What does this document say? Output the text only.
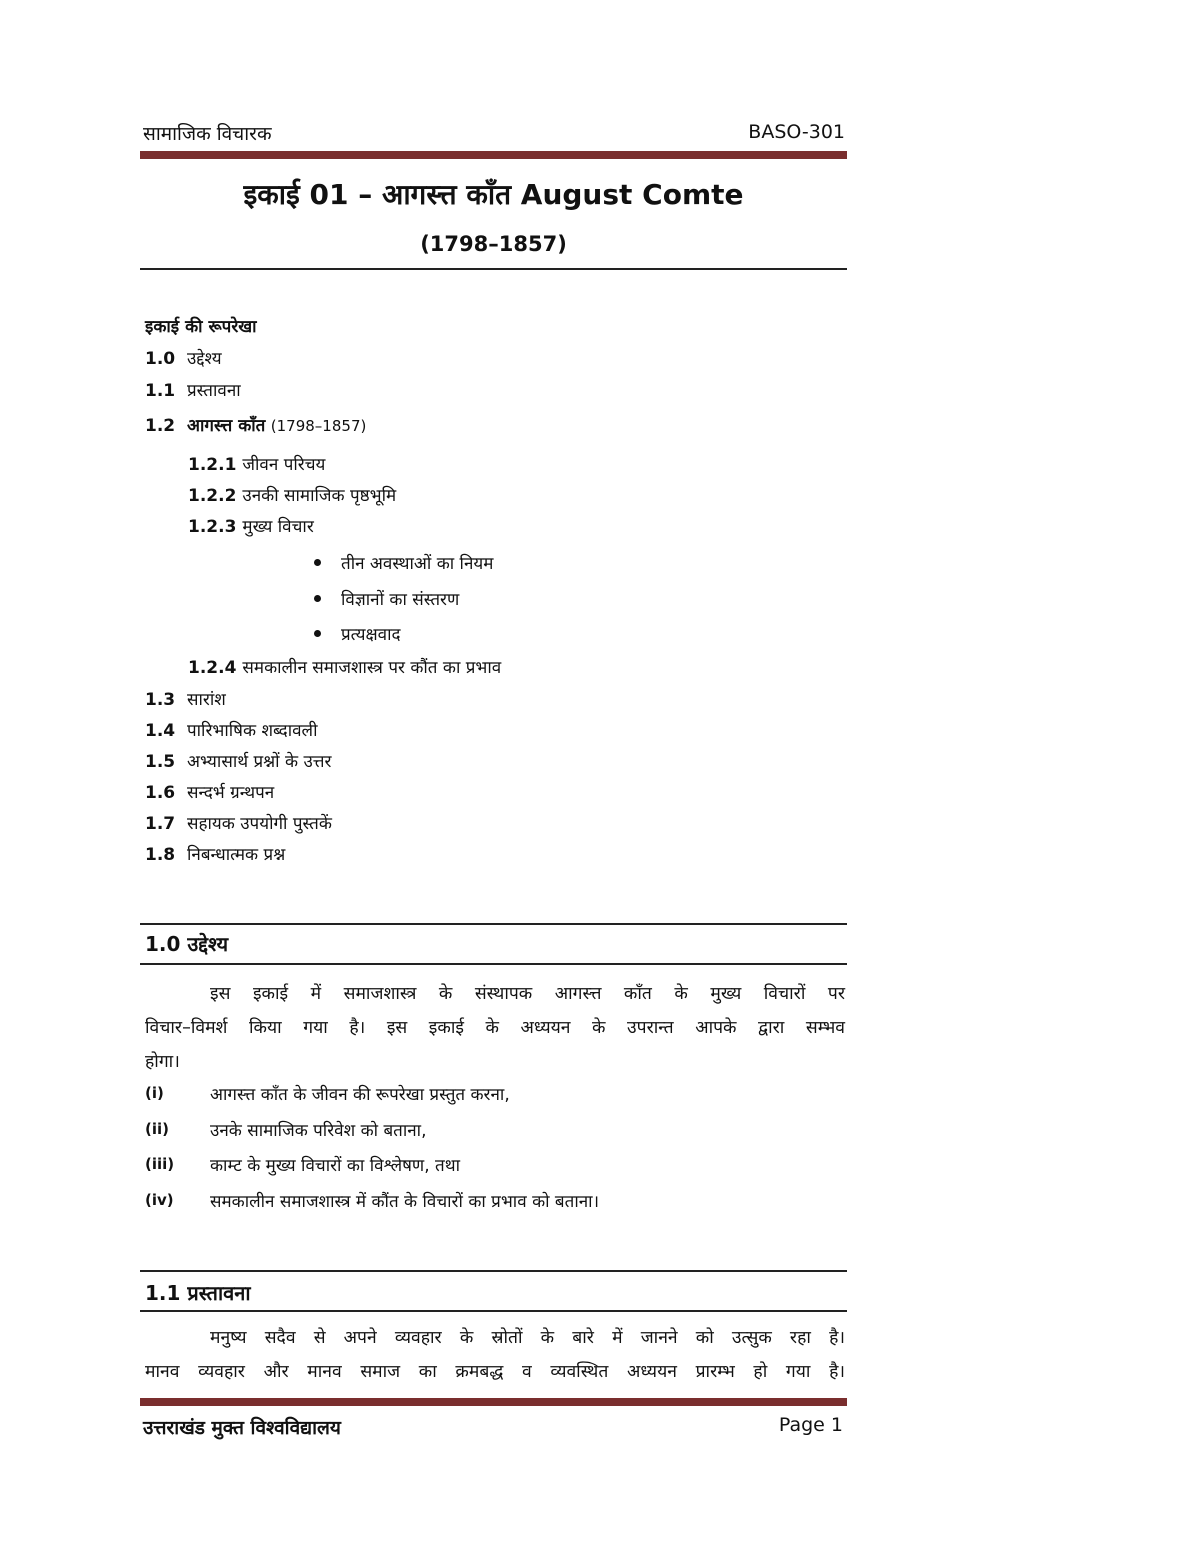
सामाजिक विचारक	BASO-301
इकाई 01 – आगस्त्त कॉंत August Comte
(1798–1857)
इकाई की रूपरेखा
1.0 उद्देश्य
1.1 प्रस्तावना
1.2 आगस्त्त कॉंत (1798–1857)
1.2.1 जीवन परिचय
1.2.2 उनकी सामाजिक पृष्ठभूमि
1.2.3 मुख्य विचार
तीन अवस्थाओं का नियम
विज्ञानों का संस्तरण
प्रत्यक्षवाद
1.2.4 समकालीन समाजशास्त्र पर कौंत का प्रभाव
1.3 सारांश
1.4 पारिभाषिक शब्दावली
1.5 अभ्यासार्थ प्रश्नों के उत्तर
1.6 सन्दर्भ ग्रन्थपन
1.7 सहायक उपयोगी पुस्तकें
1.8 निबन्धात्मक प्रश्न
1.0 उद्देश्य
इस इकाई में समाजशास्त्र के संस्थापक आगस्त्त कॉंत के मुख्य विचारों पर
विचार–विमर्श किया गया है। इस इकाई के अध्ययन के उपरान्त आपके द्वारा सम्भव
होगा।
(i)	आगस्त्त कॉंत के जीवन की रूपरेखा प्रस्तुत करना,
(ii) उनके सामाजिक परिवेश को बताना,
(iii) काम्ट के मुख्य विचारों का विश्लेषण, तथा
(iv) समकालीन समाजशास्त्र में कौंत के विचारों का प्रभाव को बताना।
1.1 प्रस्तावना
मनुष्य सदैव से अपने व्यवहार के स्रोतों के बारे में जानने को उत्सुक रहा है।
मानव व्यवहार और मानव समाज का क्रमबद्ध व व्यवस्थित अध्ययन प्रारम्भ हो गया है।
उत्तराखंड मुक्त विश्वविद्यालय	Page 1
